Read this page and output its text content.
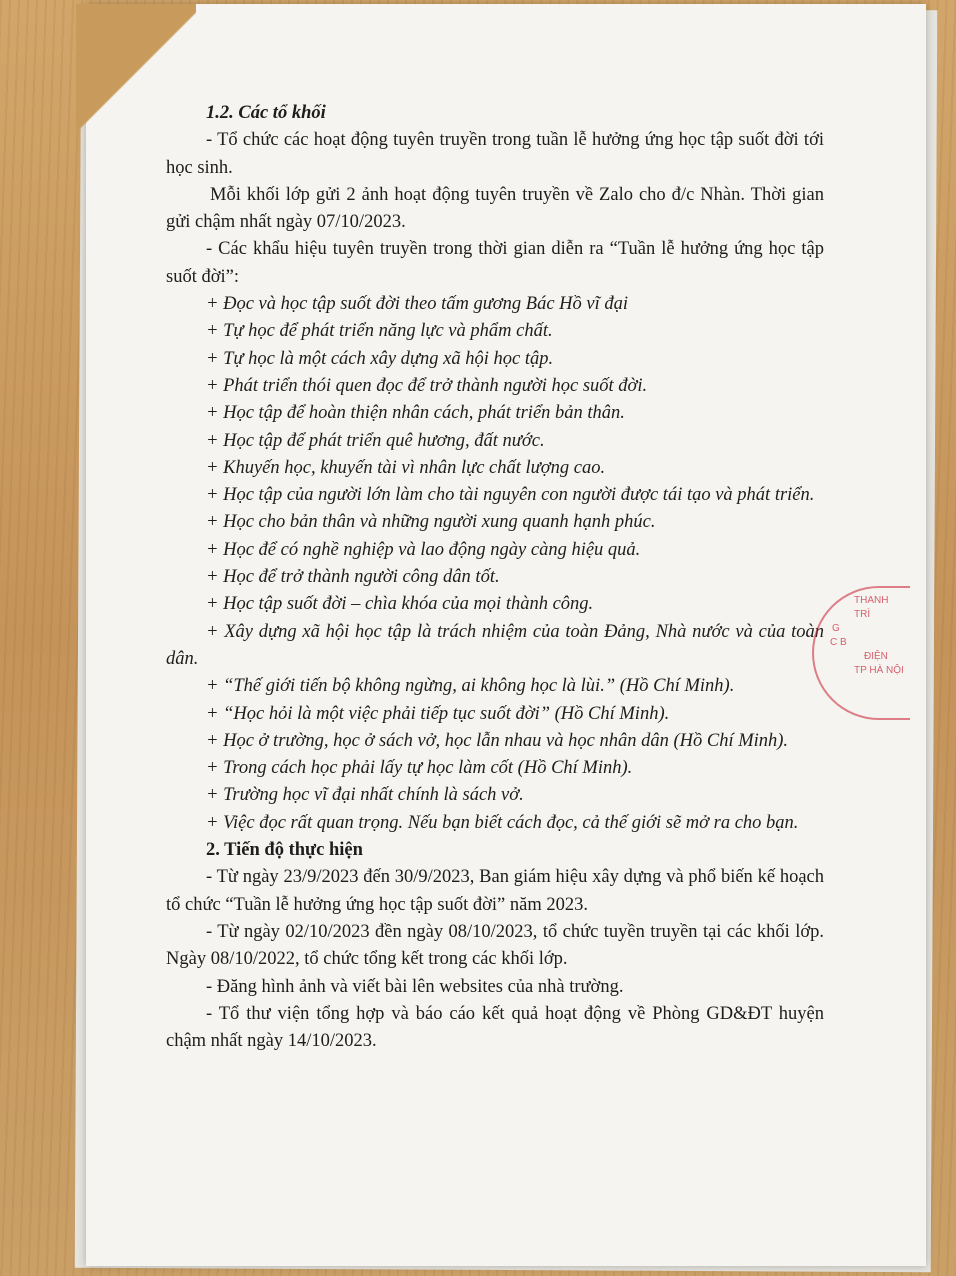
1.2. Các tổ khối

- Tổ chức các hoạt động tuyên truyền trong tuần lễ hưởng ứng học tập suốt đời tới học sinh.

Mỗi khối lớp gửi 2 ảnh hoạt động tuyên truyền về Zalo cho đ/c Nhàn. Thời gian gửi chậm nhất ngày 07/10/2023.

- Các khẩu hiệu tuyên truyền trong thời gian diễn ra “Tuần lễ hưởng ứng học tập suốt đời”:

+ Đọc và học tập suốt đời theo tấm gương Bác Hồ vĩ đại

+ Tự học để phát triển năng lực và phẩm chất.

+ Tự học là một cách xây dựng xã hội học tập.

+ Phát triển thói quen đọc để trở thành người học suốt đời.

+ Học tập để hoàn thiện nhân cách, phát triển bản thân.

+ Học tập để phát triển quê hương, đất nước.

+ Khuyến học, khuyến tài vì nhân lực chất lượng cao.

+ Học tập của người lớn làm cho tài nguyên con người được tái tạo và phát triển.

+ Học cho bản thân và những người xung quanh hạnh phúc.

+ Học để có nghề nghiệp và lao động ngày càng hiệu quả.

+ Học để trở thành người công dân tốt.

+ Học tập suốt đời – chìa khóa của mọi thành công.

+ Xây dựng xã hội học tập là trách nhiệm của toàn Đảng, Nhà nước và của toàn dân.

+ “Thế giới tiến bộ không ngừng, ai không học là lùi.” (Hồ Chí Minh).

+ “Học hỏi là một việc phải tiếp tục suốt đời” (Hồ Chí Minh).

+ Học ở trường, học ở sách vở, học lẫn nhau và học nhân dân (Hồ Chí Minh).

+ Trong cách học phải lấy tự học làm cốt (Hồ Chí Minh).

+ Trường học vĩ đại nhất chính là sách vở.

+ Việc đọc rất quan trọng. Nếu bạn biết cách đọc, cả thế giới sẽ mở ra cho bạn.

2. Tiến độ thực hiện

- Từ ngày 23/9/2023 đến 30/9/2023, Ban giám hiệu xây dựng và phổ biến kế hoạch tổ chức “Tuần lễ hưởng ứng học tập suốt đời” năm 2023.

- Từ ngày 02/10/2023 đền ngày 08/10/2023, tổ chức tuyền truyền tại các khối lớp. Ngày 08/10/2022, tổ chức tổng kết trong các khối lớp.

- Đăng hình ảnh và viết bài lên websites của nhà trường.

- Tổ thư viện tổng hợp và báo cáo kết quả hoạt động về Phòng GD&ĐT huyện chậm nhất ngày 14/10/2023.

THANH TRÌ
G
C B
ĐIỆN
TP HÀ NỘI
